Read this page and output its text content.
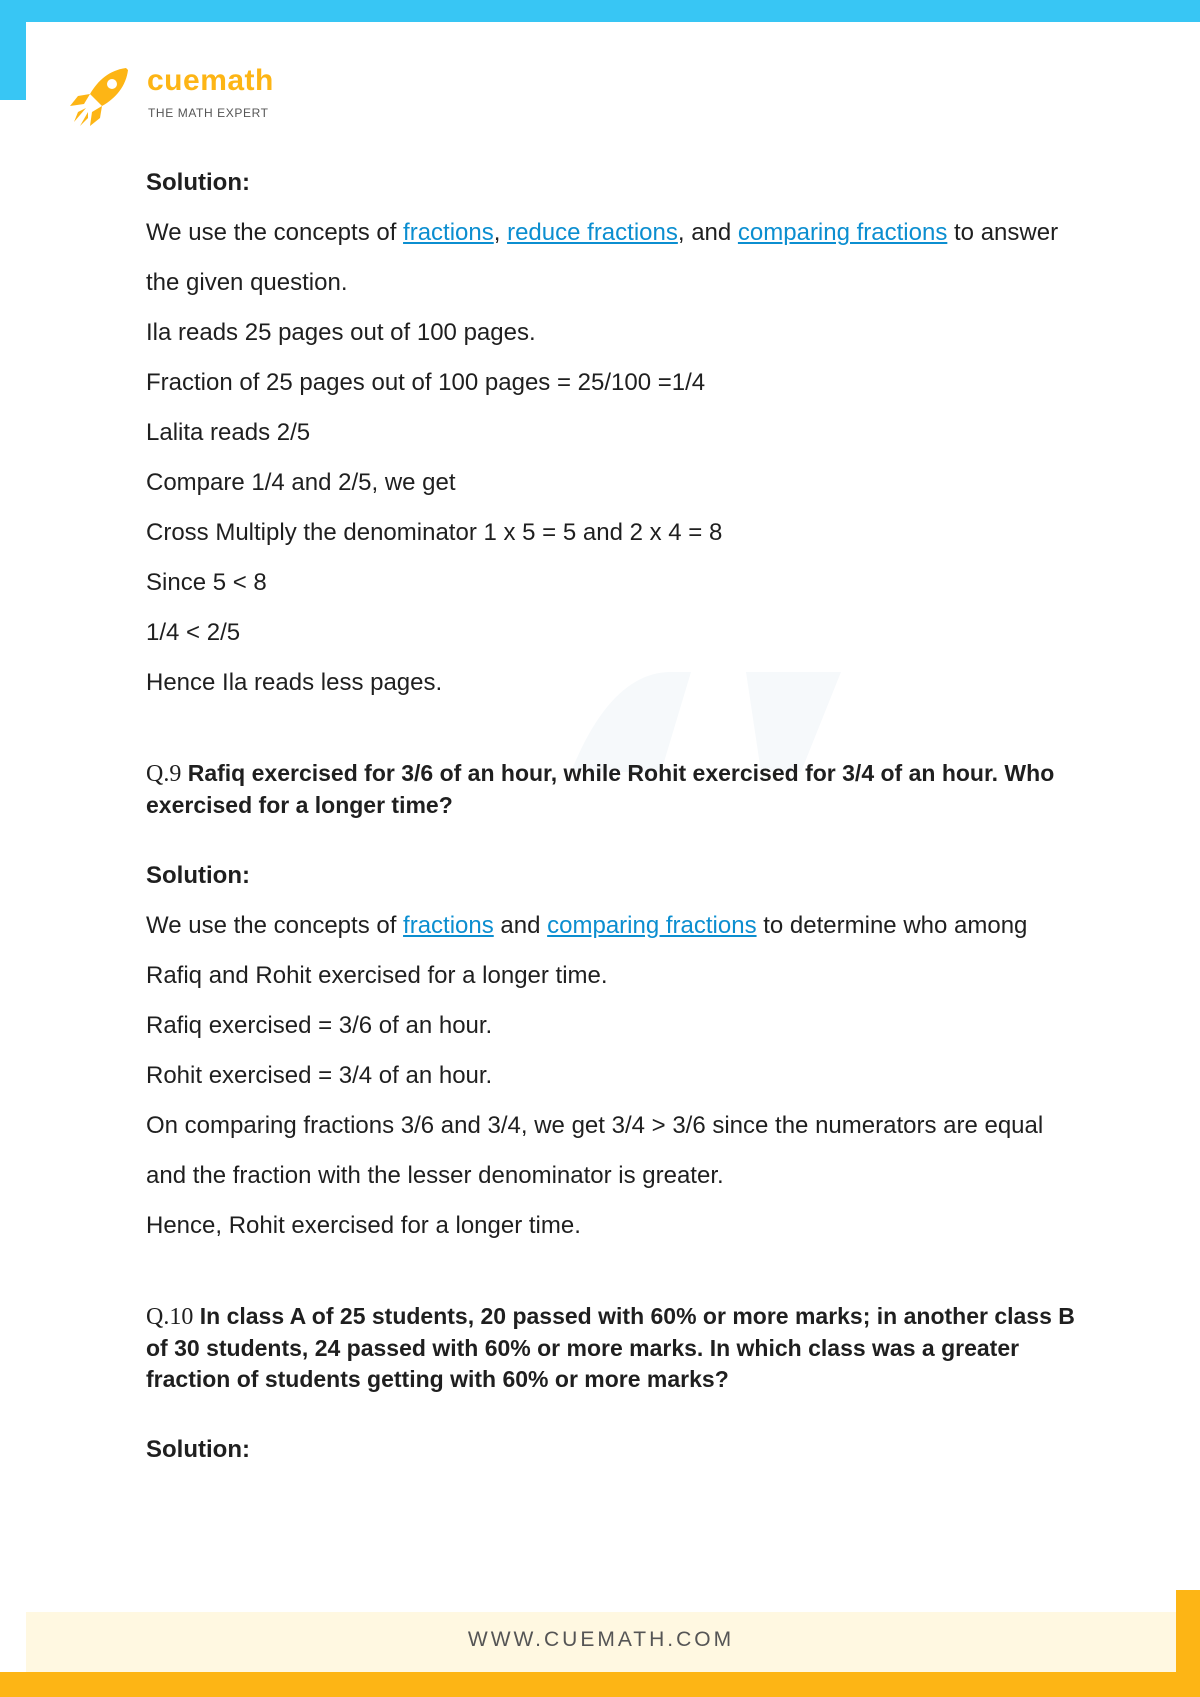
cuemath
THE MATH EXPERT
WWW.CUEMATH.COM

Solution:

We use the concepts of fractions, reduce fractions, and comparing fractions to answer the given question.

Ila reads 25 pages out of 100 pages.

Fraction of 25 pages out of 100 pages = 25/100 =1/4

Lalita reads 2/5

Compare 1/4 and 2/5, we get

Cross Multiply the denominator 1 x 5 = 5 and 2 x 4 = 8

Since 5 < 8

1/4 < 2/5

Hence Ila reads less pages.

Q.9 Rafiq exercised for 3/6 of an hour, while Rohit exercised for 3/4 of an hour. Who exercised for a longer time?

Solution:

We use the concepts of fractions and comparing fractions to determine who among Rafiq and Rohit exercised for a longer time.

Rafiq exercised = 3/6 of an hour.

Rohit exercised = 3/4 of an hour.

On comparing fractions 3/6 and 3/4, we get 3/4 > 3/6 since the numerators are equal and the fraction with the lesser denominator is greater.

Hence, Rohit exercised for a longer time.

Q.10 In class A of 25 students, 20 passed with 60% or more marks; in another class B of 30 students, 24 passed with 60% or more marks. In which class was a greater fraction of students getting with 60% or more marks?

Solution:
